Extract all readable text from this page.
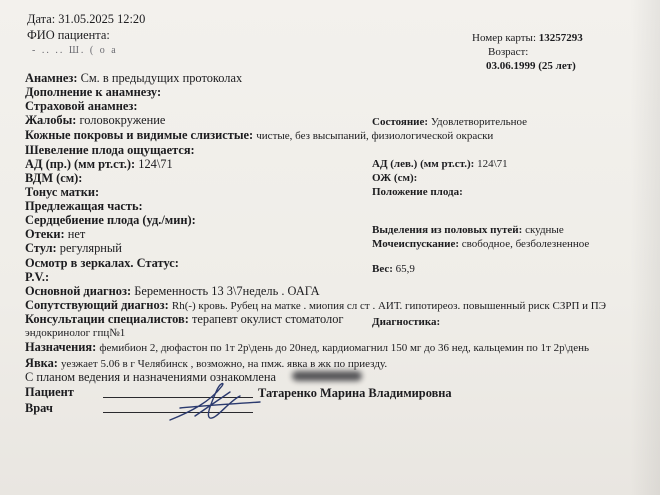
Дата: 31.05.2025 12:20
ФИО пациента:
- .. .. Ш. ( о а
Номер карты: 13257293
Возраст:
03.06.1999 (25 лет)
Анамнез: См. в предыдущих протоколах
Дополнение к анамнезу:
Страховой анамнез:
Жалобы: головокружение	Состояние: Удовлетворительное
Кожные покровы и видимые слизистые: чистые, без высыпаний, физиологической окраски
Шевеление плода ощущается:
АД (пр.) (мм рт.ст.): 124\71	АД (лев.) (мм рт.ст.): 124\71
ВДМ (см):	ОЖ (см):
Тонус матки:	Положение плода:
Предлежащая часть:
Сердцебиение плода (уд./мин):
Отеки: нет	Выделения из половых путей: скудные
Стул: регулярный	Мочеиспускание: свободное, безболезненное
Осмотр в зеркалах. Статус:
P.V.:
Вес: 65,9
Основной диагноз: Беременность 13 3\7недель . ОАГА
Сопутствующий диагноз: Rh(-) кровь. Рубец на матке . миопия сл ст . АИТ. гипотиреоз. повышенный риск СЗРП и ПЭ
Консультации специалистов: терапевт окулист стоматолог	Диагностика:
эндокринолог гпц№1
Назначения: фемибион 2, дюфастон по 1т 2р\день до 20нед, кардиомагнил 150 мг до 36 нед, кальцемин по 1т 2р\день
Явка: уезжает 5.06 в г Челябинск , возможно, на пмж. явка в жк по приезду.
С планом ведения и назначениями ознакомлена
Пациент
Врач
Татаренко Марина Владимировна
